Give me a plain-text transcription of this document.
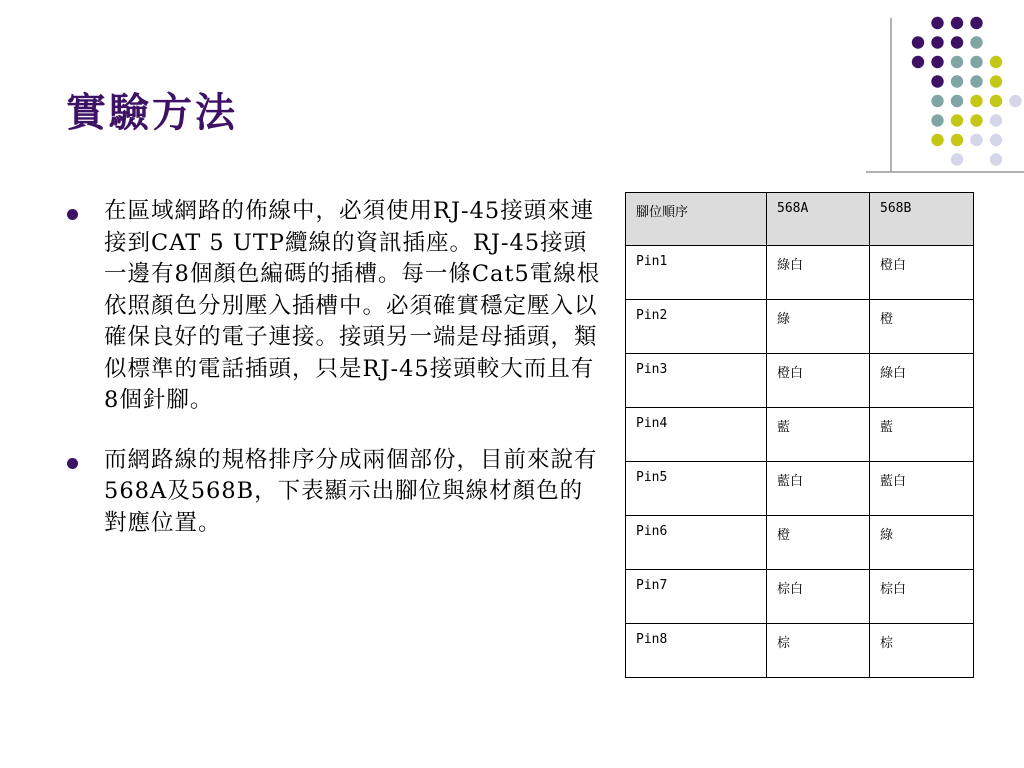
實驗方法
在區域網路的佈線中，必須使用RJ-45接頭來連接到CAT 5 UTP纜線的資訊插座。RJ-45接頭一邊有8個顏色編碼的插槽。每一條Cat5電線根依照顏色分別壓入插槽中。必須確實穩定壓入以確保良好的電子連接。接頭另一端是母插頭，類似標準的電話插頭，只是RJ-45接頭較大而且有8個針腳。
而網路線的規格排序分成兩個部份，目前來說有568A及568B，下表顯示出腳位與線材顏色的對應位置。
腳位順序	568A	568B
Pin1	綠白	橙白
Pin2	綠	橙
Pin3	橙白	綠白
Pin4	藍	藍
Pin5	藍白	藍白
Pin6	橙	綠
Pin7	棕白	棕白
Pin8	棕	棕
